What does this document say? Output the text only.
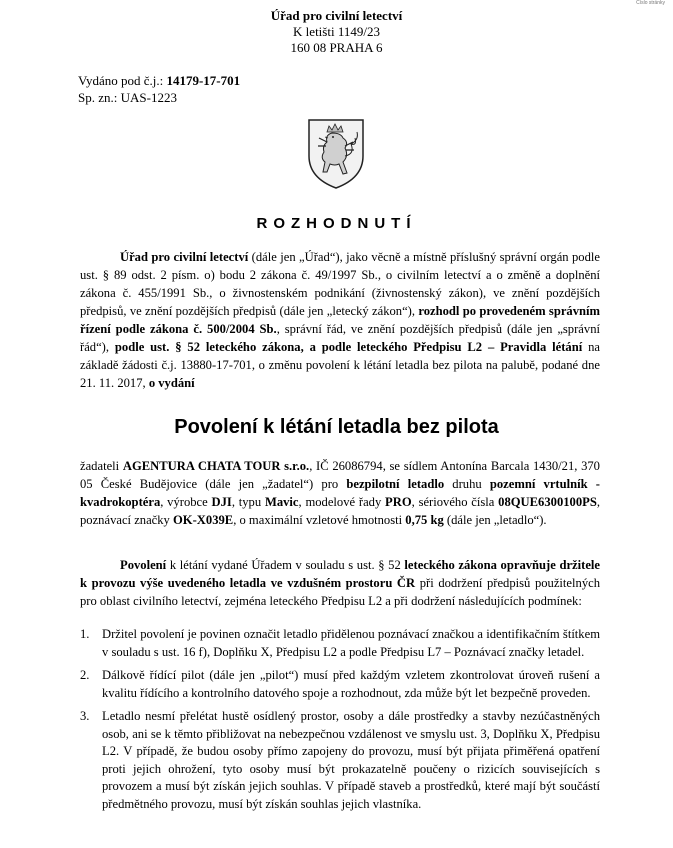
Číslo stránky
Úřad pro civilní letectví
K letišti 1149/23
160 08 PRAHA 6
Vydáno pod č.j.: 14179-17-701
Sp. zn.: UAS-1223
ROZHODNUTÍ
Úřad pro civilní letectví (dále jen „Úřad“), jako věcně a místně příslušný správní orgán podle ust. § 89 odst. 2 písm. o) bodu 2 zákona č. 49/1997 Sb., o civilním letectví a o změně a doplnění zákona č. 455/1991 Sb., o živnostenském podnikání (živnostenský zákon), ve znění pozdějších předpisů, ve znění pozdějších předpisů (dále jen „letecký zákon“), rozhodl po provedeném správním řízení podle zákona č. 500/2004 Sb., správní řád, ve znění pozdějších předpisů (dále jen „správní řád“), podle ust. § 52 leteckého zákona, a podle leteckého Předpisu L2 – Pravidla létání na základě žádosti č.j. 13880-17-701, o změnu povolení k létání letadla bez pilota na palubě, podané dne 21. 11. 2017, o vydání
Povolení k létání letadla bez pilota
žadateli AGENTURA CHATA TOUR s.r.o., IČ 26086794, se sídlem Antonína Barcala 1430/21, 370 05 České Budějovice (dále jen „žadatel“) pro bezpilotní letadlo druhu pozemní vrtulník - kvadrokoptéra, výrobce DJI, typu Mavic, modelové řady PRO, sériového čísla 08QUE6300100PS, poznávací značky OK-X039E, o maximální vzletové hmotnosti 0,75 kg (dále jen „letadlo“).
Povolení k létání vydané Úřadem v souladu s ust. § 52 leteckého zákona opravňuje držitele k provozu výše uvedeného letadla ve vzdušném prostoru ČR při dodržení předpisů použitelných pro oblast civilního letectví, zejména leteckého Předpisu L2 a při dodržení následujících podmínek:
1. Držitel povolení je povinen označit letadlo přidělenou poznávací značkou a identifikačním štítkem v souladu s ust. 16 f), Doplňku X, Předpisu L2 a podle Předpisu L7 – Poznávací značky letadel.
2. Dálkově řídící pilot (dále jen „pilot“) musí před každým vzletem zkontrolovat úroveň rušení a kvalitu řídícího a kontrolního datového spoje a rozhodnout, zda může být let bezpečně proveden.
3. Letadlo nesmí přelétat hustě osídlený prostor, osoby a dále prostředky a stavby nezúčastněných osob, ani se k těmto přibližovat na nebezpečnou vzdálenost ve smyslu ust. 3, Doplňku X, Předpisu L2. V případě, že budou osoby přímo zapojeny do provozu, musí být přijata přiměřená opatření proti jejich ohrožení, tyto osoby musí být prokazatelně poučeny o rizicích souvisejících s provozem a musí být získán jejich souhlas. V případě staveb a prostředků, které mají být součástí předmětného provozu, musí být získán souhlas jejich vlastníka.
